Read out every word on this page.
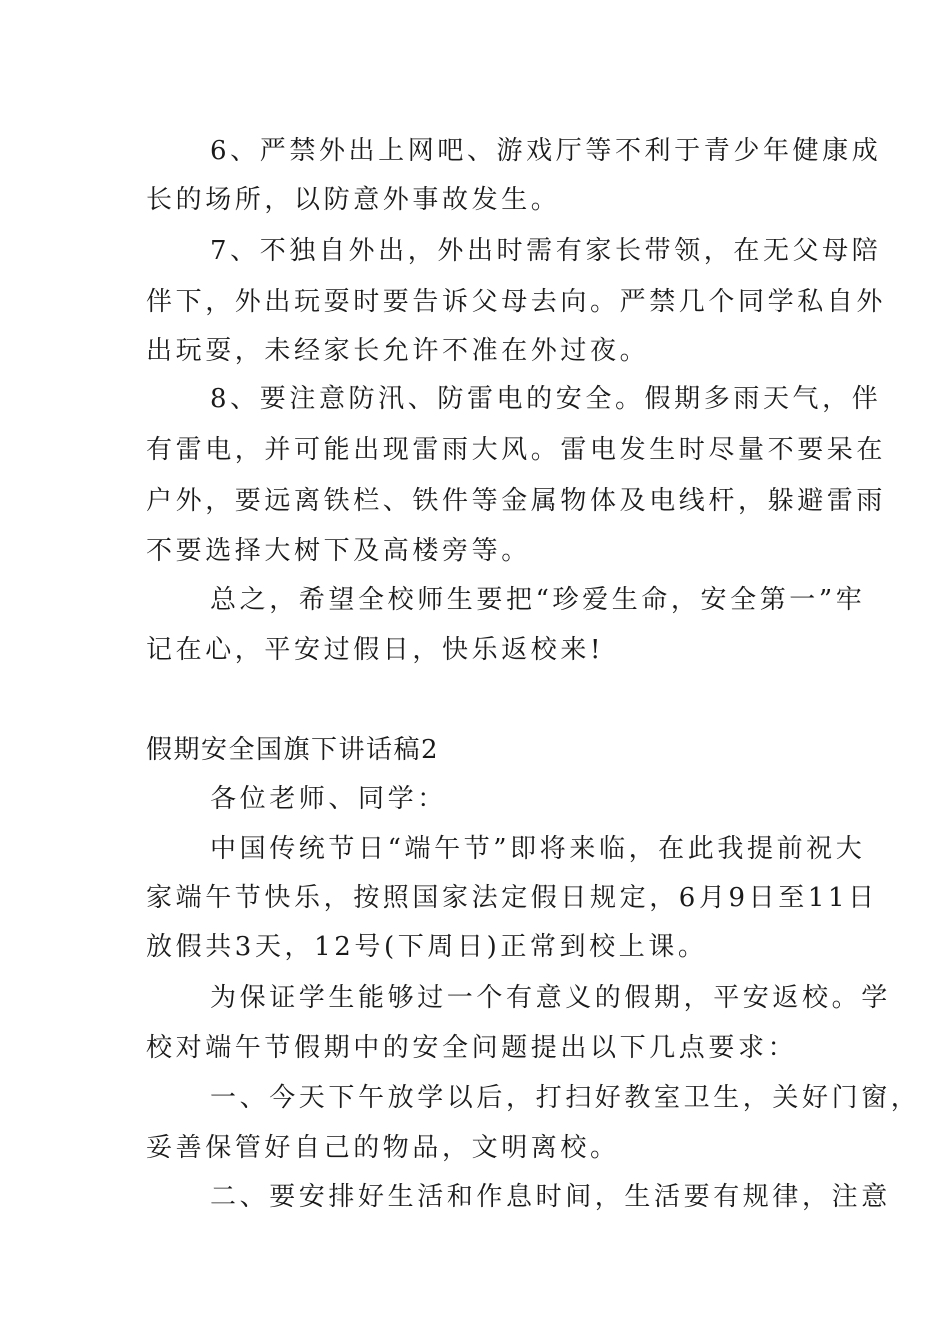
6、严禁外出上网吧、游戏厅等不利于青少年健康成
长的场所，以防意外事故发生。
7、不独自外出，外出时需有家长带领，在无父母陪
伴下，外出玩耍时要告诉父母去向。严禁几个同学私自外
出玩耍，未经家长允许不准在外过夜。
8、要注意防汛、防雷电的安全。假期多雨天气，伴
有雷电，并可能出现雷雨大风。雷电发生时尽量不要呆在
户外，要远离铁栏、铁件等金属物体及电线杆，躲避雷雨
不要选择大树下及高楼旁等。
总之，希望全校师生要把“珍爱生命，安全第一”牢
记在心，平安过假日，快乐返校来!
假期安全国旗下讲话稿2
各位老师、同学：
中国传统节日“端午节”即将来临，在此我提前祝大
家端午节快乐，按照国家法定假日规定，6月9日至11日
放假共3天，12号(下周日)正常到校上课。
为保证学生能够过一个有意义的假期，平安返校。学
校对端午节假期中的安全问题提出以下几点要求：
一、今天下午放学以后，打扫好教室卫生，关好门窗，
妥善保管好自己的物品，文明离校。
二、要安排好生活和作息时间，生活要有规律，注意
